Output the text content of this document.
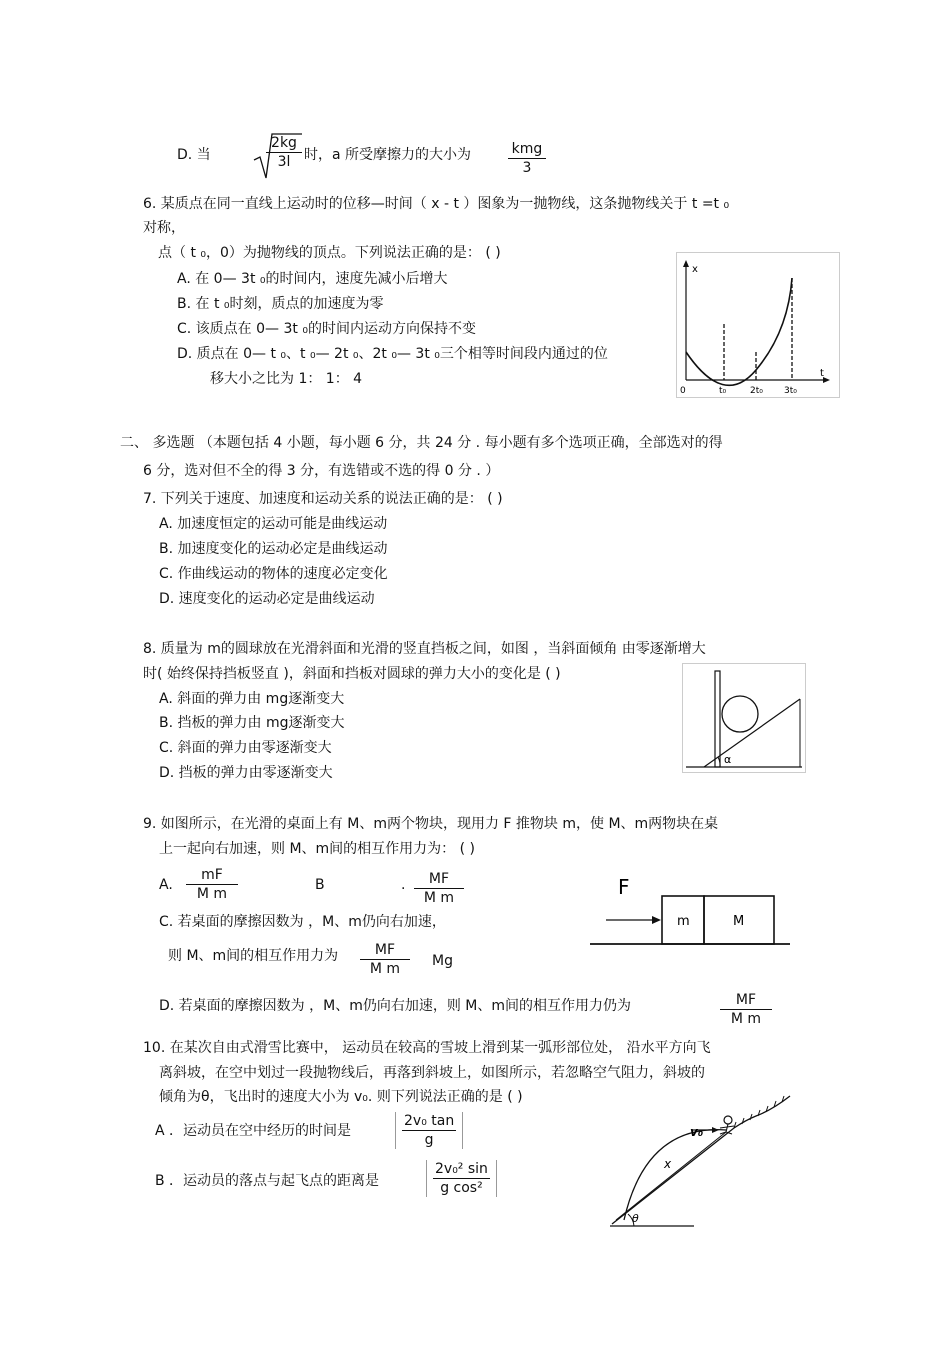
D. 当	$\frac{2kg}{3l}$ 时，a 所受摩擦力的大小为	kmg
3
6. 某质点在同一直线上运动时的位移—时间（ x - t ）图象为一抛物线，这条抛物线关于 t =t ₀
对称，
点（ t ₀，0）为抛物线的顶点。下列说法正确的是： ( )
A. 在 0— 3t ₀的时间内，速度先减小后增大
B. 在 t ₀时刻，质点的加速度为零
C. 该质点在 0— 3t ₀的时间内运动方向保持不变
D. 质点在 0— t ₀、t ₀— 2t ₀、2t ₀— 3t ₀三个相等时间段内通过的位
移大小之比为 1： 1： 4
x
t
0	t₀	2t₀ 3t₀
二、 多选题 （本题包括 4 小题，每小题 6 分，共 24 分 . 每小题有多个选项正确，全部选对的得
6 分，选对但不全的得 3 分，有选错或不选的得 0 分 . ）
7. 下列关于速度、加速度和运动关系的说法正确的是： ( )
A. 加速度恒定的运动可能是曲线运动
B. 加速度变化的运动必定是曲线运动
C. 作曲线运动的物体的速度必定变化
D. 速度变化的运动必定是曲线运动
8. 质量为 m的圆球放在光滑斜面和光滑的竖直挡板之间，如图 ，当斜面倾角 由零逐渐增大
时( 始终保持挡板竖直 )，斜面和挡板对圆球的弹力大小的变化是 ( )
A. 斜面的弹力由 mg逐渐变大
B. 挡板的弹力由 mg逐渐变大
C. 斜面的弹力由零逐渐变大
D. 挡板的弹力由零逐渐变大
α
9. 如图所示，在光滑的桌面上有 M、m两个物块，现用力 F 推物块 m，使 M、m两物块在桌
上一起向右加速，则 M、m间的相互作用力为： ( )
A. $\frac{mF}{\text{M m}}$	B	. $\frac{MF}{\text{M m}}$
C. 若桌面的摩擦因数为 ，M、m仍向右加速，
则 M、m间的相互作用力为 $\frac{MF}{\text{M m}}$ Mg
D. 若桌面的摩擦因数为 ，M、m仍向右加速，则 M、m间的相互作用力仍为	$\frac{MF}{\text{M m}}$
F
m	M
10. 在某次自由式滑雪比赛中， 运动员在较高的雪坡上滑到某一弧形部位处， 沿水平方向飞
离斜坡，在空中划过一段抛物线后，再落到斜坡上，如图所示，若忽略空气阻力，斜坡的
倾角为θ，飞出时的速度大小为 v₀. 则下列说法正确的是 ( )
A ．运动员在空中经历的时间是	$\frac{\text{2v₀ tan}}{g}$
B ．运动员的落点与起飞点的距离是	$\frac{\text{2v₀² sin}}{\text{g cos²}}$
v₀
x
θ
